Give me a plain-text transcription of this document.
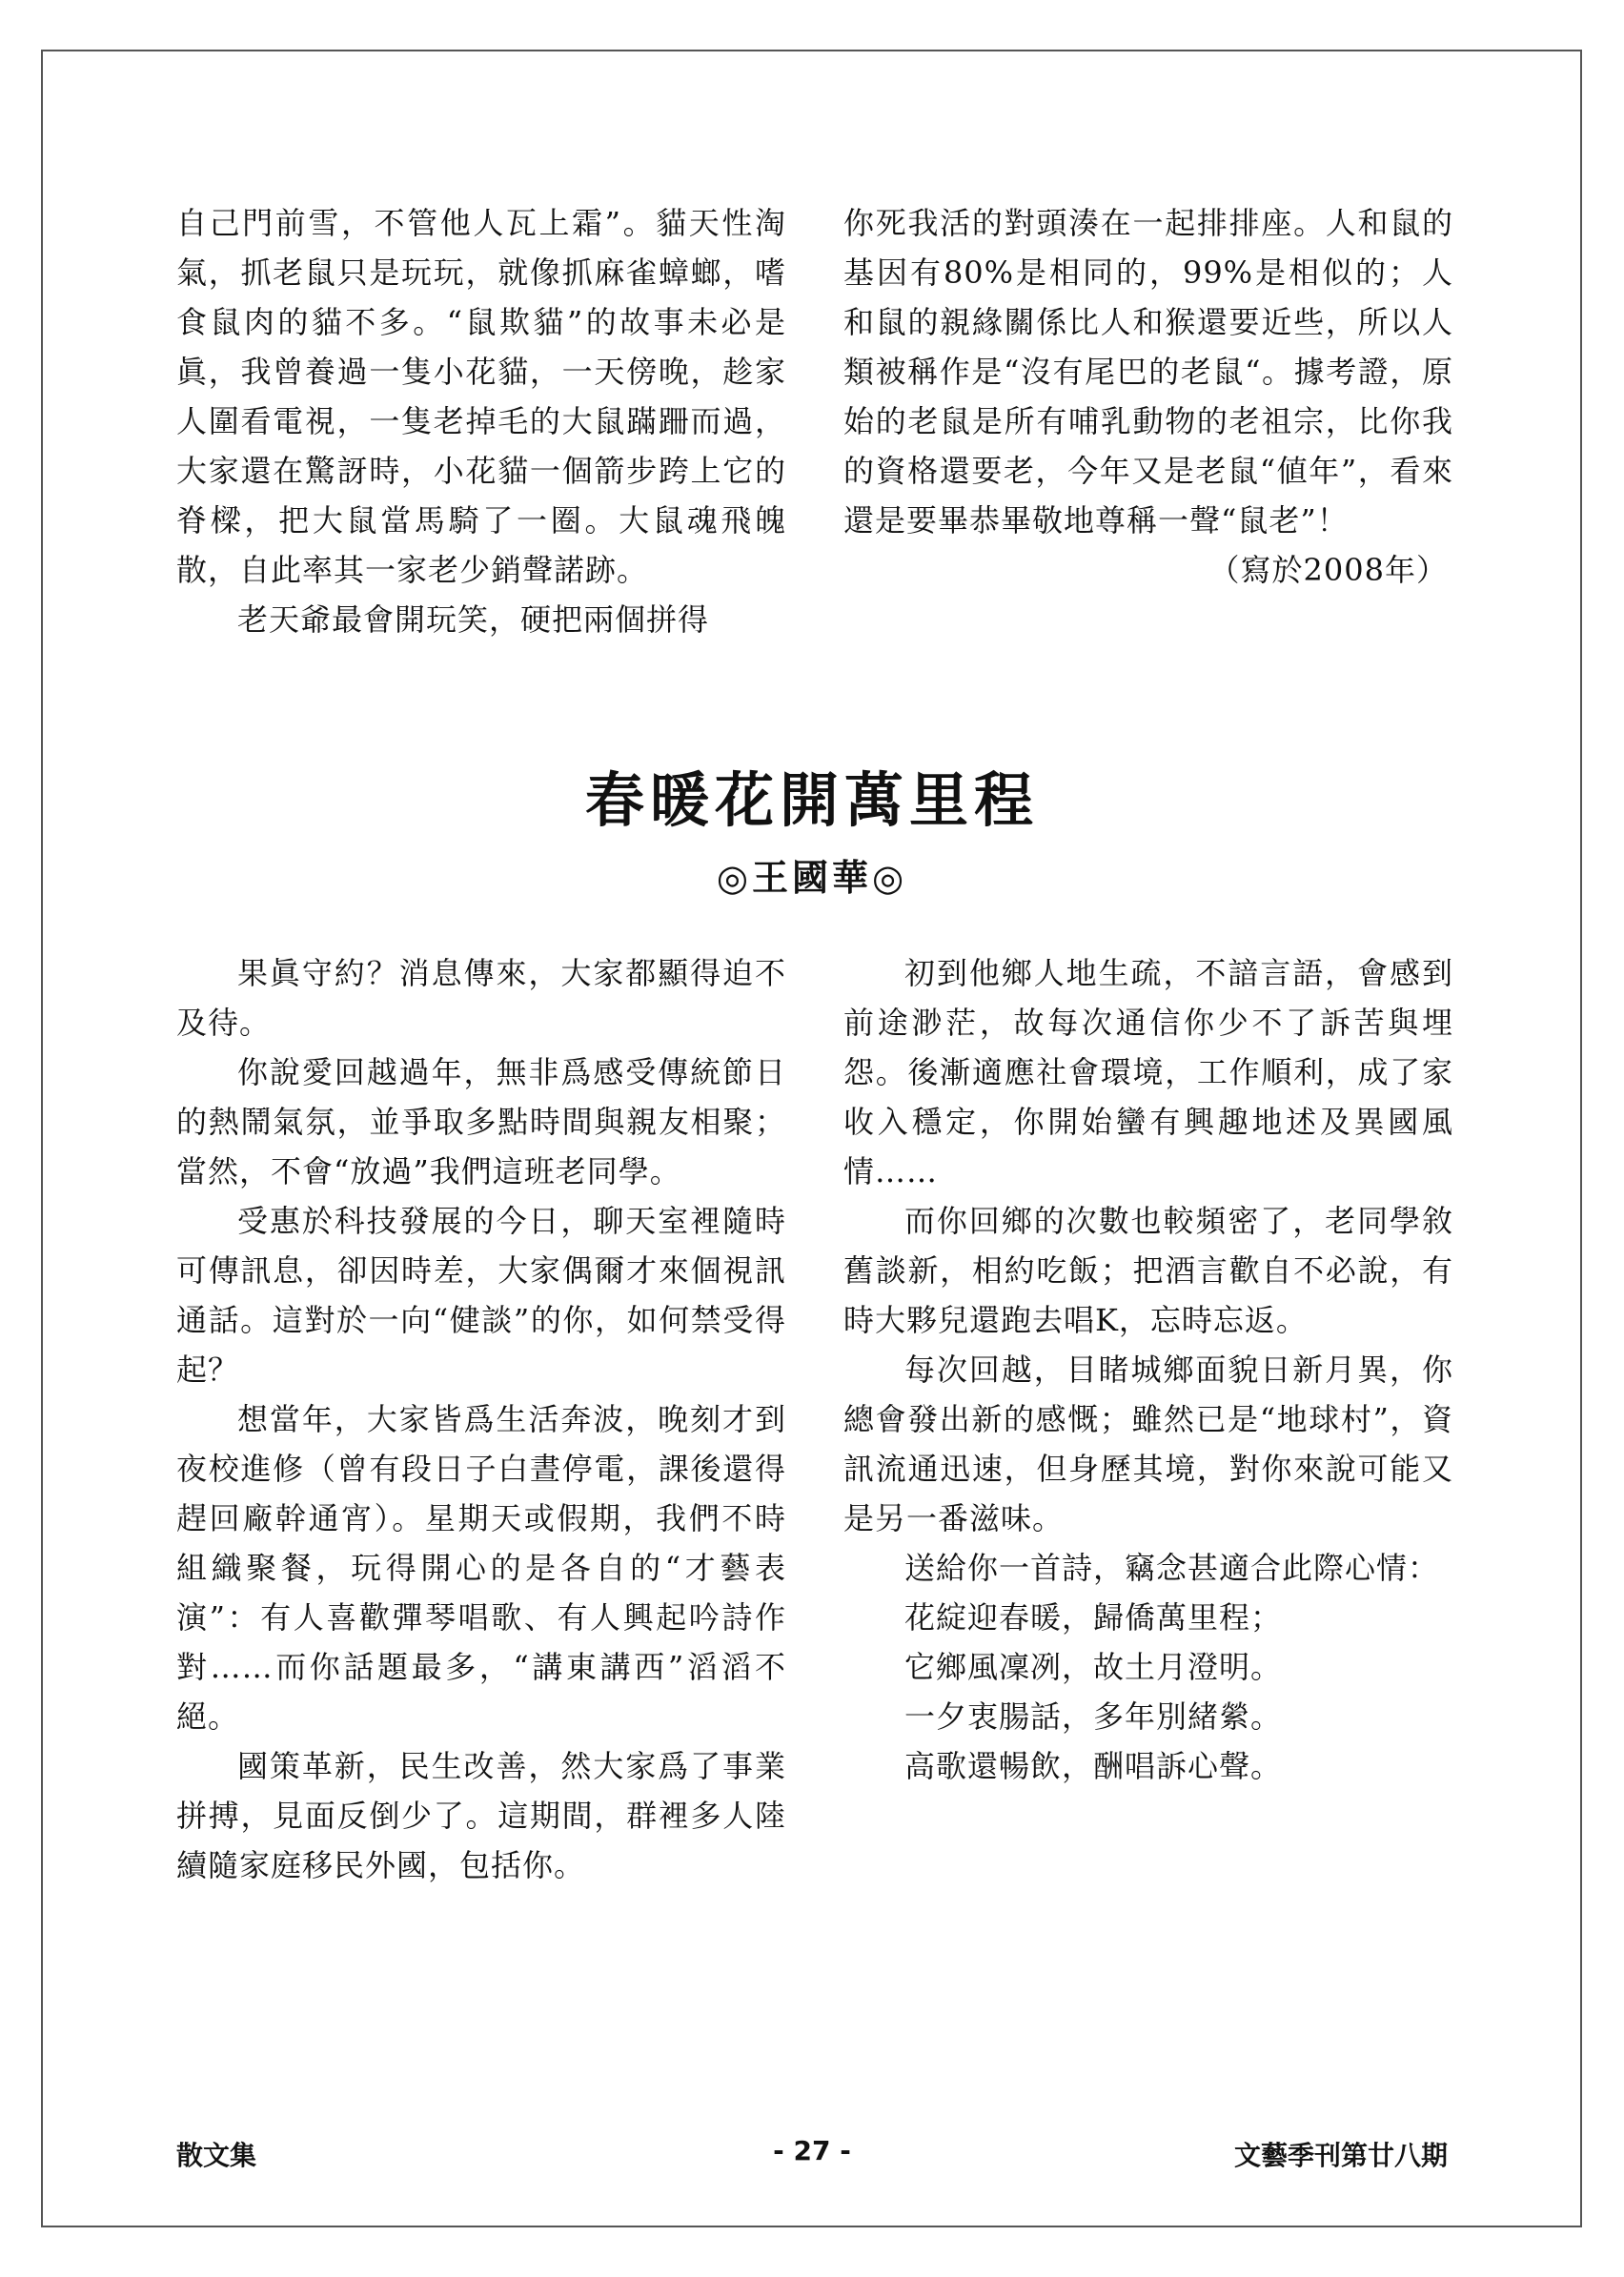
自己門前雪，不管他人瓦上霜”。貓天性淘氣，抓老鼠只是玩玩，就像抓麻雀蟑螂，嗜食鼠肉的貓不多。“鼠欺貓”的故事未必是眞，我曾養過一隻小花貓，一天傍晚，趁家人圍看電視，一隻老掉毛的大鼠蹣跚而過，大家還在驚訝時，小花貓一個箭步跨上它的脊樑，把大鼠當馬騎了一圈。大鼠魂飛魄散，自此率其一家老少銷聲諾跡。

老天爺最會開玩笑，硬把兩個拼得

你死我活的對頭湊在一起排排座。人和鼠的基因有80%是相同的，99%是相似的；人和鼠的親緣關係比人和猴還要近些，所以人類被稱作是“沒有尾巴的老鼠“。據考證，原始的老鼠是所有哺乳動物的老祖宗，比你我的資格還要老，今年又是老鼠“値年”，看來還是要畢恭畢敬地尊稱一聲“鼠老”！

（寫於2008年）

春暖花開萬里程
◎王國華◎

果眞守約？消息傳來，大家都顯得迫不及待。

你說愛回越過年，無非爲感受傳統節日的熱鬧氣氛，並爭取多點時間與親友相聚；當然，不會“放過”我們這班老同學。

受惠於科技發展的今日，聊天室裡隨時可傳訊息，卻因時差，大家偶爾才來個視訊通話。這對於一向“健談”的你，如何禁受得起？

想當年，大家皆爲生活奔波，晚刻才到夜校進修（曾有段日子白晝停電，課後還得趕回廠幹通宵）。星期天或假期，我們不時組織聚餐，玩得開心的是各自的“才藝表演”：有人喜歡彈琴唱歌、有人興起吟詩作對……而你話題最多，“講東講西”滔滔不絕。

國策革新，民生改善，然大家爲了事業拼搏，見面反倒少了。這期間，群裡多人陸續隨家庭移民外國，包括你。

初到他鄉人地生疏，不諳言語，會感到前途渺茫，故每次通信你少不了訴苦與埋怨。後漸適應社會環境，工作順利，成了家收入穩定，你開始蠻有興趣地述及異國風情……

而你回鄉的次數也較頻密了，老同學敘舊談新，相約吃飯；把酒言歡自不必說，有時大夥兒還跑去唱K，忘時忘返。

每次回越，目睹城鄉面貌日新月異，你總會發出新的感慨；雖然已是“地球村”，資訊流通迅速，但身歷其境，對你來說可能又是另一番滋味。

送給你一首詩，竊念甚適合此際心情：

花綻迎春暖，歸僑萬里程；

它鄉風凜冽，故土月澄明。

一夕衷腸話，多年別緒縈。

高歌還暢飲，酬唱訴心聲。

散文集	- 27 -	文藝季刊第廿八期
